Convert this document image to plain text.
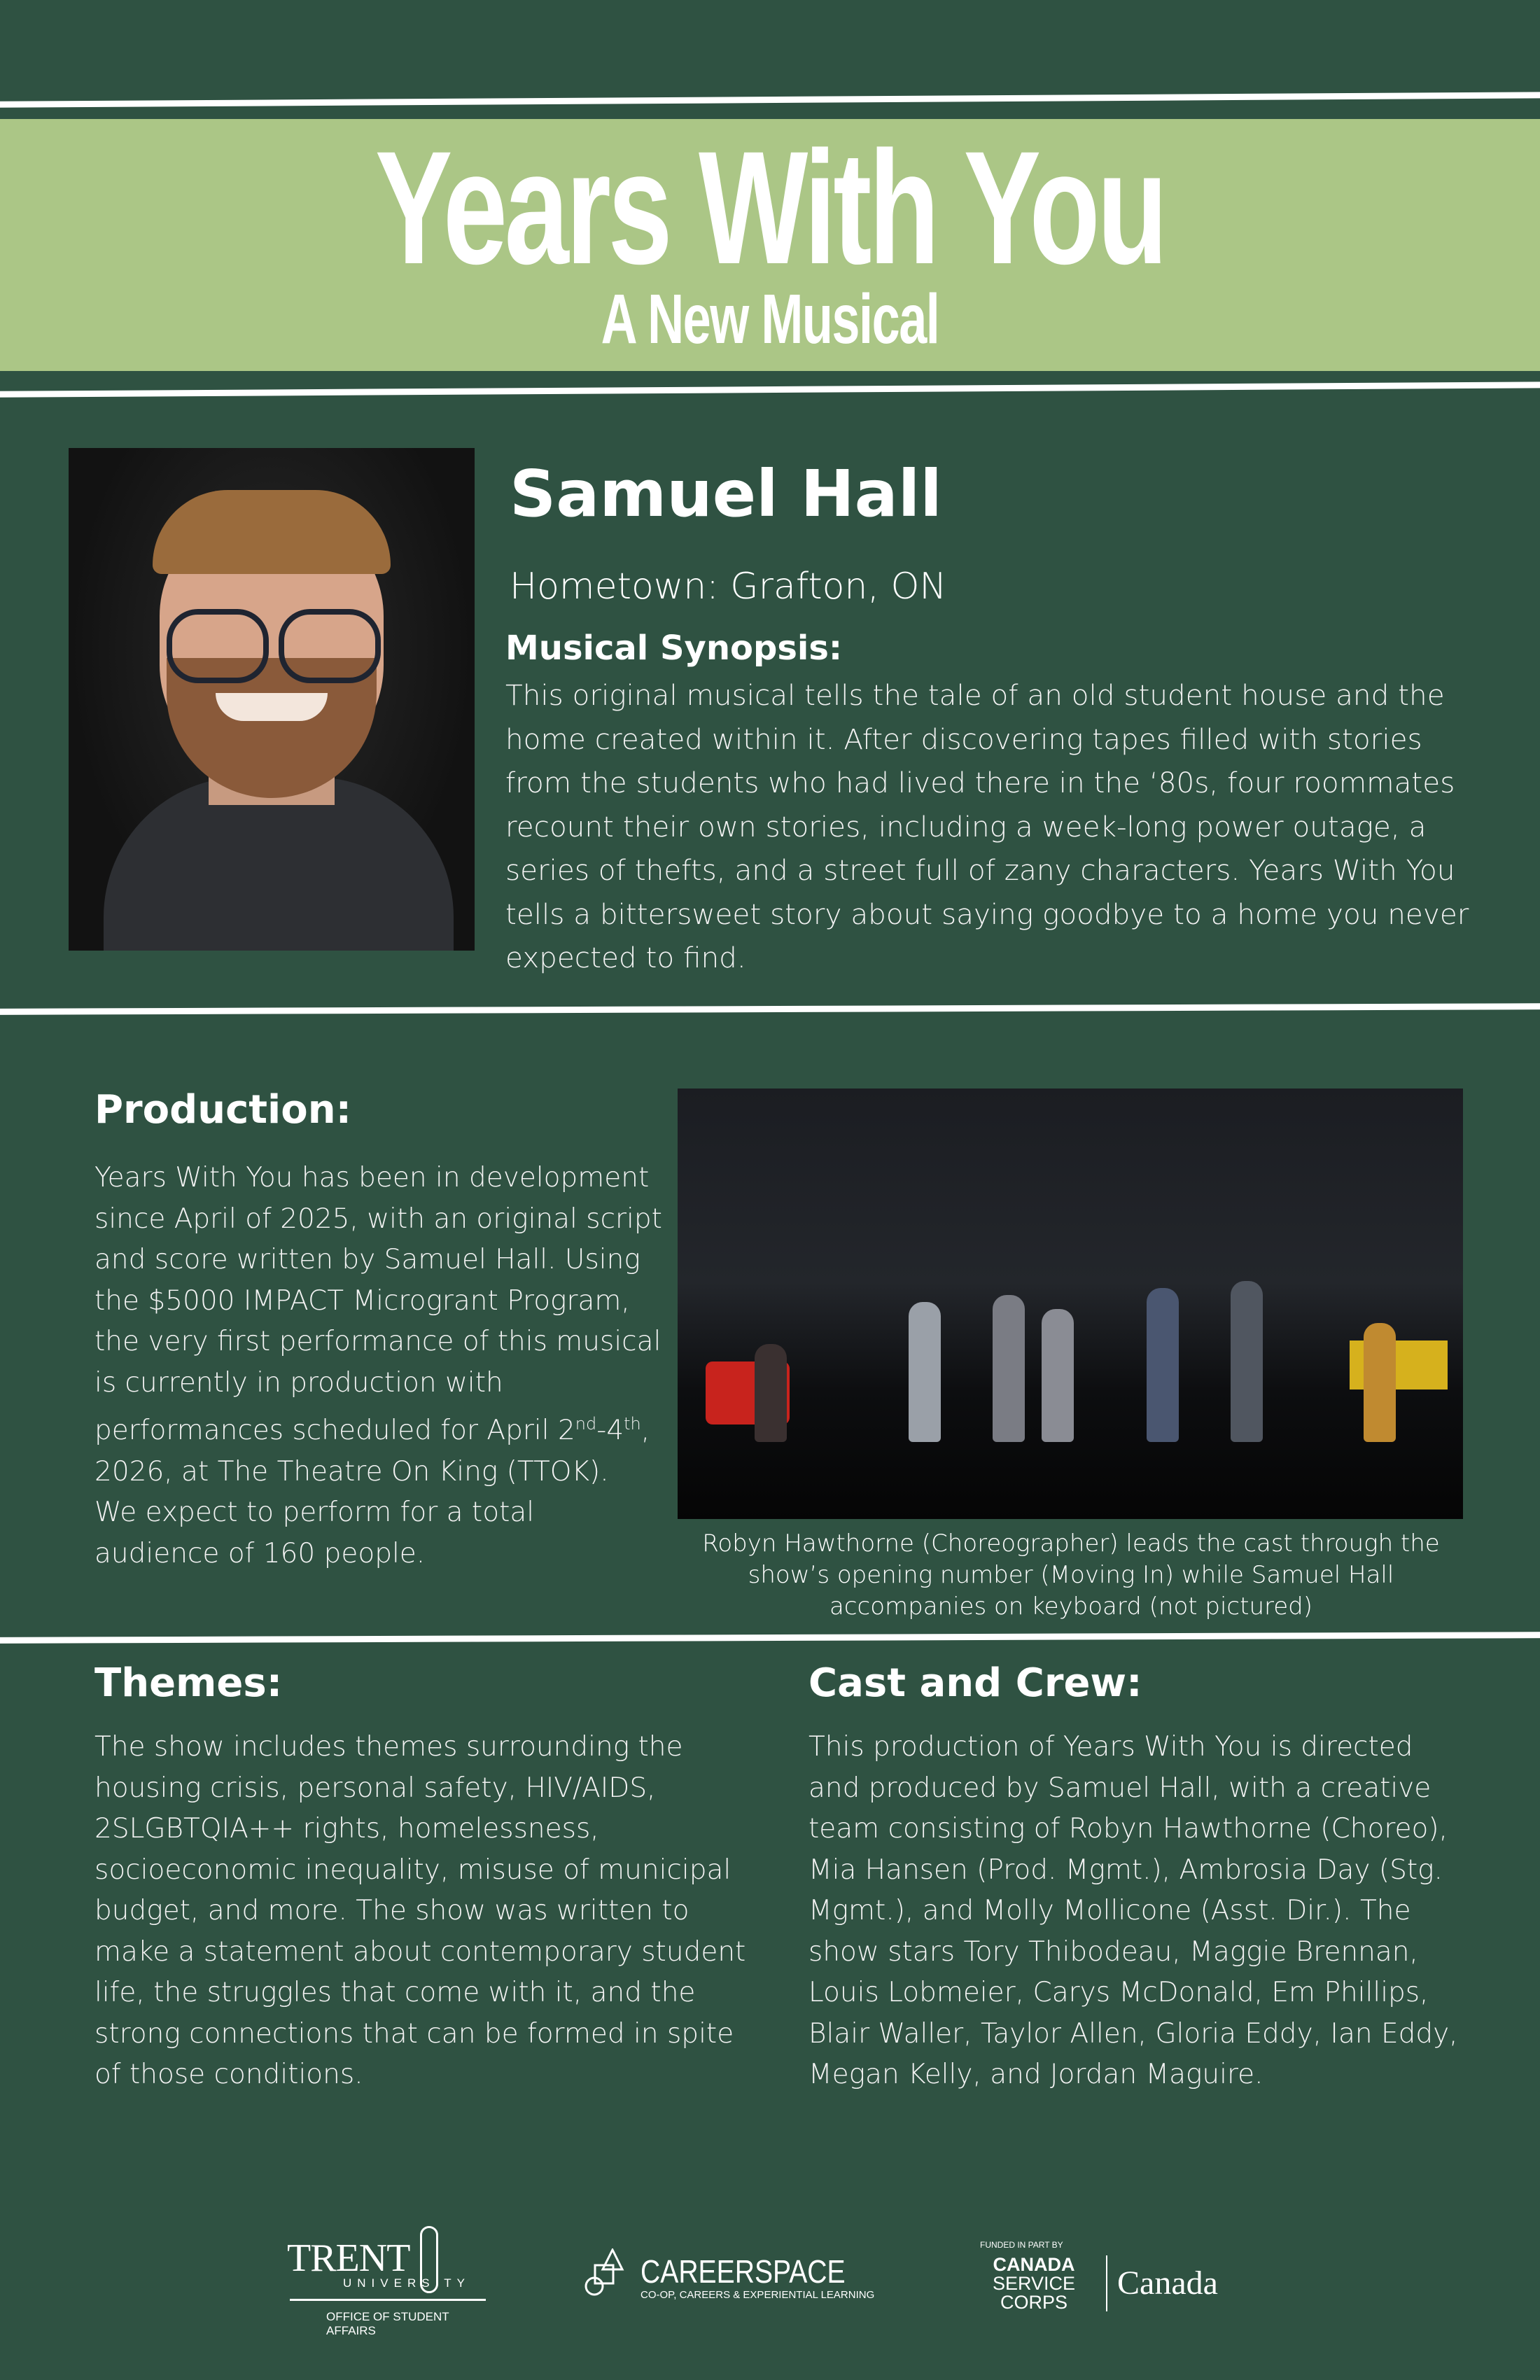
Years With You
A New Musical
Samuel Hall
Hometown: Grafton, ON
Musical Synopsis:
This original musical tells the tale of an old student house and the
home created within it. After discovering tapes filled with stories
from the students who had lived there in the ‘80s, four roommates
recount their own stories, including a week-long power outage, a
series of thefts, and a street full of zany characters. Years With You
tells a bittersweet story about saying goodbye to a home you never
expected to find.
Production:
Years With You has been in development
since April of 2025, with an original script
and score written by Samuel Hall. Using
the $5000 IMPACT Microgrant Program,
the very first performance of this musical
is currently in production with
performances scheduled for April 2nd-4th,
2026, at The Theatre On King (TTOK).
We expect to perform for a total
audience of 160 people.	Robyn Hawthorne (Choreographer) leads the cast through the
show’s opening number (Moving In) while Samuel Hall
accompanies on keyboard (not pictured)
Themes:
The show includes themes surrounding the
housing crisis, personal safety, HIV/AIDS,
2SLGBTQIA++ rights, homelessness,
socioeconomic inequality, misuse of municipal
budget, and more. The show was written to
make a statement about contemporary student
life, the struggles that come with it, and the
strong connections that can be formed in spite
of those conditions.
Cast and Crew:
This production of Years With You is directed
and produced by Samuel Hall, with a creative
team consisting of Robyn Hawthorne (Choreo),
Mia Hansen (Prod. Mgmt.), Ambrosia Day (Stg.
Mgmt.), and Molly Mollicone (Asst. Dir.). The
show stars Tory Thibodeau, Maggie Brennan,
Louis Lobmeier, Carys McDonald, Em Phillips,
Blair Waller, Taylor Allen, Gloria Eddy, Ian Eddy,
Megan Kelly, and Jordan Maguire.
TRENT
UNIVERSITY
OFFICE OF STUDENT AFFAIRS
CAREERSPACE
CO-OP, CAREERS & EXPERIENTIAL LEARNING
FUNDED IN PART BY
CANADA
SERVICE
CORPS
Canada
